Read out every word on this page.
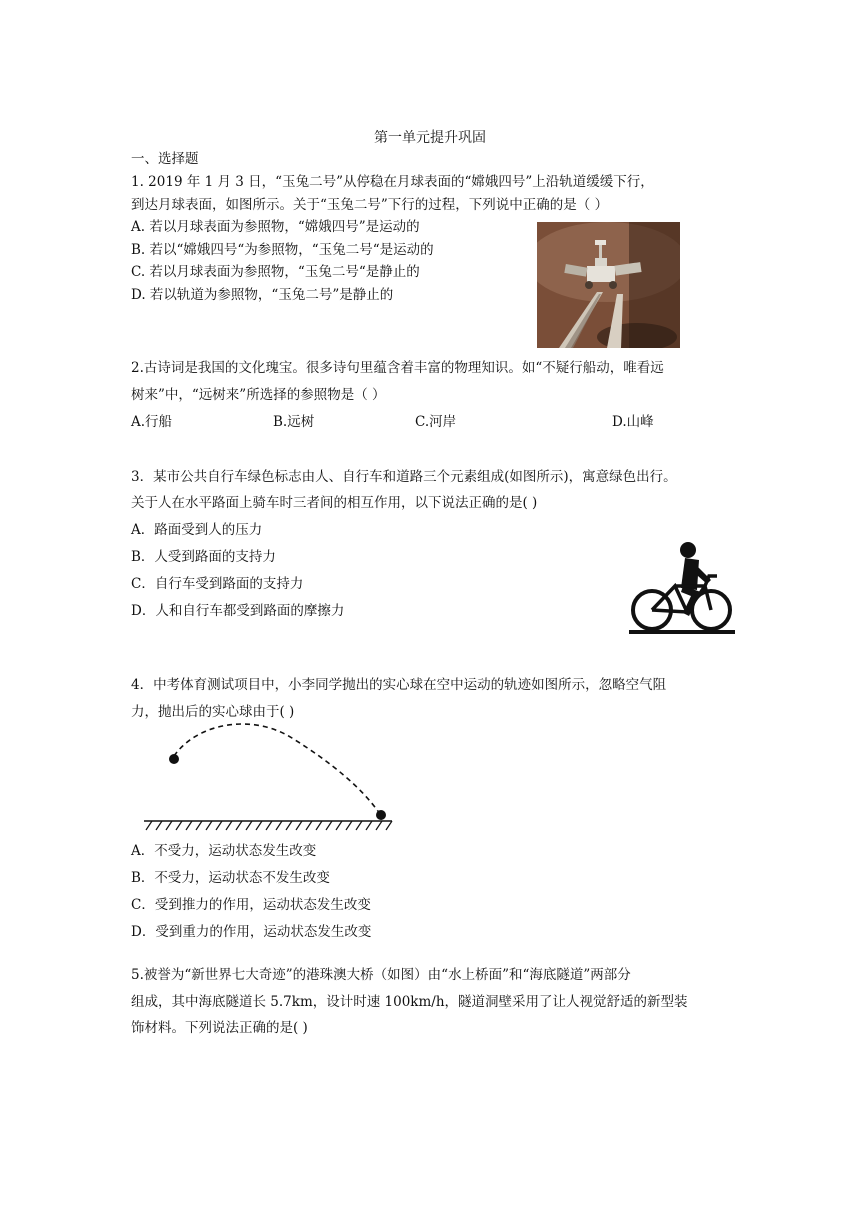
第一单元提升巩固
一、选择题
1. 2019 年 1 月 3 日，“玉兔二号”从停稳在月球表面的“嫦娥四号”上沿轨道缓缓下行，
到达月球表面，如图所示。关于“玉兔二号”下行的过程，下列说中正确的是（ ）
A. 若以月球表面为参照物，“嫦娥四号”是运动的
B. 若以“嫦娥四号“为参照物，“玉兔二号“是运动的
C. 若以月球表面为参照物，“玉兔二号“是静止的
D. 若以轨道为参照物，“玉兔二号”是静止的
2.古诗词是我国的文化瑰宝。很多诗句里蕴含着丰富的物理知识。如“不疑行船动，唯看远
树来”中，“远树来”所选择的参照物是（ ）
A.行船	B.远树	C.河岸	D.山峰
3．某市公共自行车绿色标志由人、自行车和道路三个元素组成(如图所示)，寓意绿色出行。
关于人在水平路面上骑车时三者间的相互作用，以下说法正确的是( )
A．路面受到人的压力
B．人受到路面的支持力
C．自行车受到路面的支持力
D．人和自行车都受到路面的摩擦力
4．中考体育测试项目中，小李同学抛出的实心球在空中运动的轨迹如图所示，忽略空气阻
力，抛出后的实心球由于( )
A．不受力，运动状态发生改变
B．不受力，运动状态不发生改变
C．受到推力的作用，运动状态发生改变
D．受到重力的作用，运动状态发生改变
5.被誉为“新世界七大奇迹”的港珠澳大桥（如图）由“水上桥面”和“海底隧道”两部分
组成，其中海底隧道长 5.7km，设计时速 100km/h，隧道洞壁采用了让人视觉舒适的新型装
饰材料。下列说法正确的是( )
